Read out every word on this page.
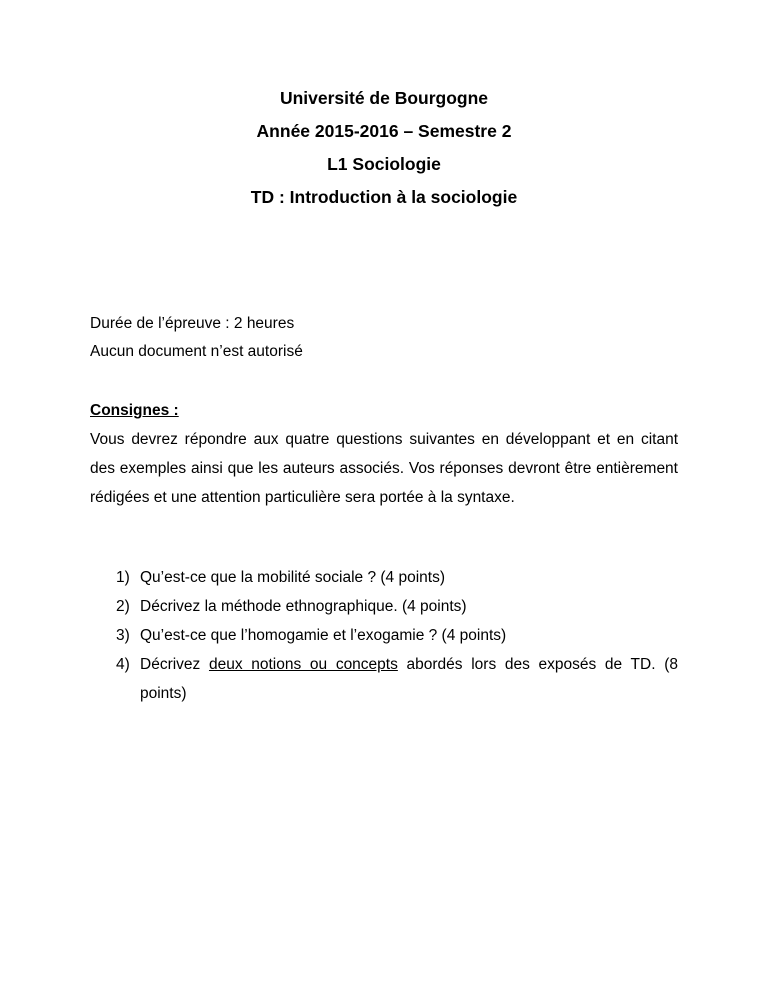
Université de Bourgogne
Année 2015-2016 – Semestre 2
L1 Sociologie
TD : Introduction à la sociologie
Durée de l’épreuve : 2 heures
Aucun document n’est autorisé
Consignes :
Vous devrez répondre aux quatre questions suivantes en développant et en citant des exemples ainsi que les auteurs associés. Vos réponses devront être entièrement rédigées et une attention particulière sera portée à la syntaxe.
1) Qu’est-ce que la mobilité sociale ? (4 points)
2) Décrivez la méthode ethnographique. (4 points)
3) Qu’est-ce que l’homogamie et l’exogamie ? (4 points)
4) Décrivez deux notions ou concepts abordés lors des exposés de TD. (8 points)
